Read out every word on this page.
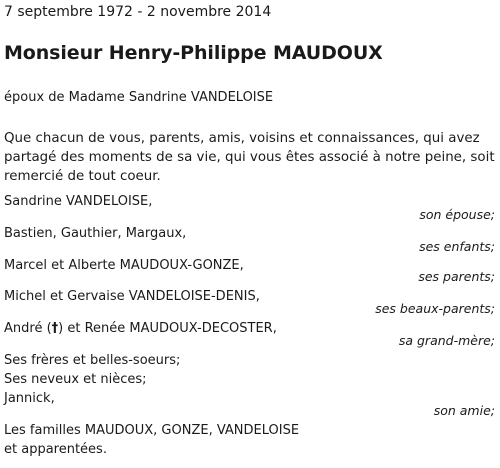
7 septembre 1972 - 2 novembre 2014
Monsieur Henry-Philippe MAUDOUX
époux de Madame Sandrine VANDELOISE
Que chacun de vous, parents, amis, voisins et connaissances, qui avez
partagé des moments de sa vie, qui vous êtes associé à notre peine, soit
remercié de tout coeur.
Sandrine VANDELOISE,
son épouse;
Bastien, Gauthier, Margaux,
ses enfants;
Marcel et Alberte MAUDOUX-GONZE,
ses parents;
Michel et Gervaise VANDELOISE-DENIS,
ses beaux-parents;
André (†) et Renée MAUDOUX-DECOSTER,
sa grand-mère;
Ses frères et belles-soeurs;
Ses neveux et nièces;
Jannick,
son amie;
Les familles MAUDOUX, GONZE, VANDELOISE
et apparentées.
